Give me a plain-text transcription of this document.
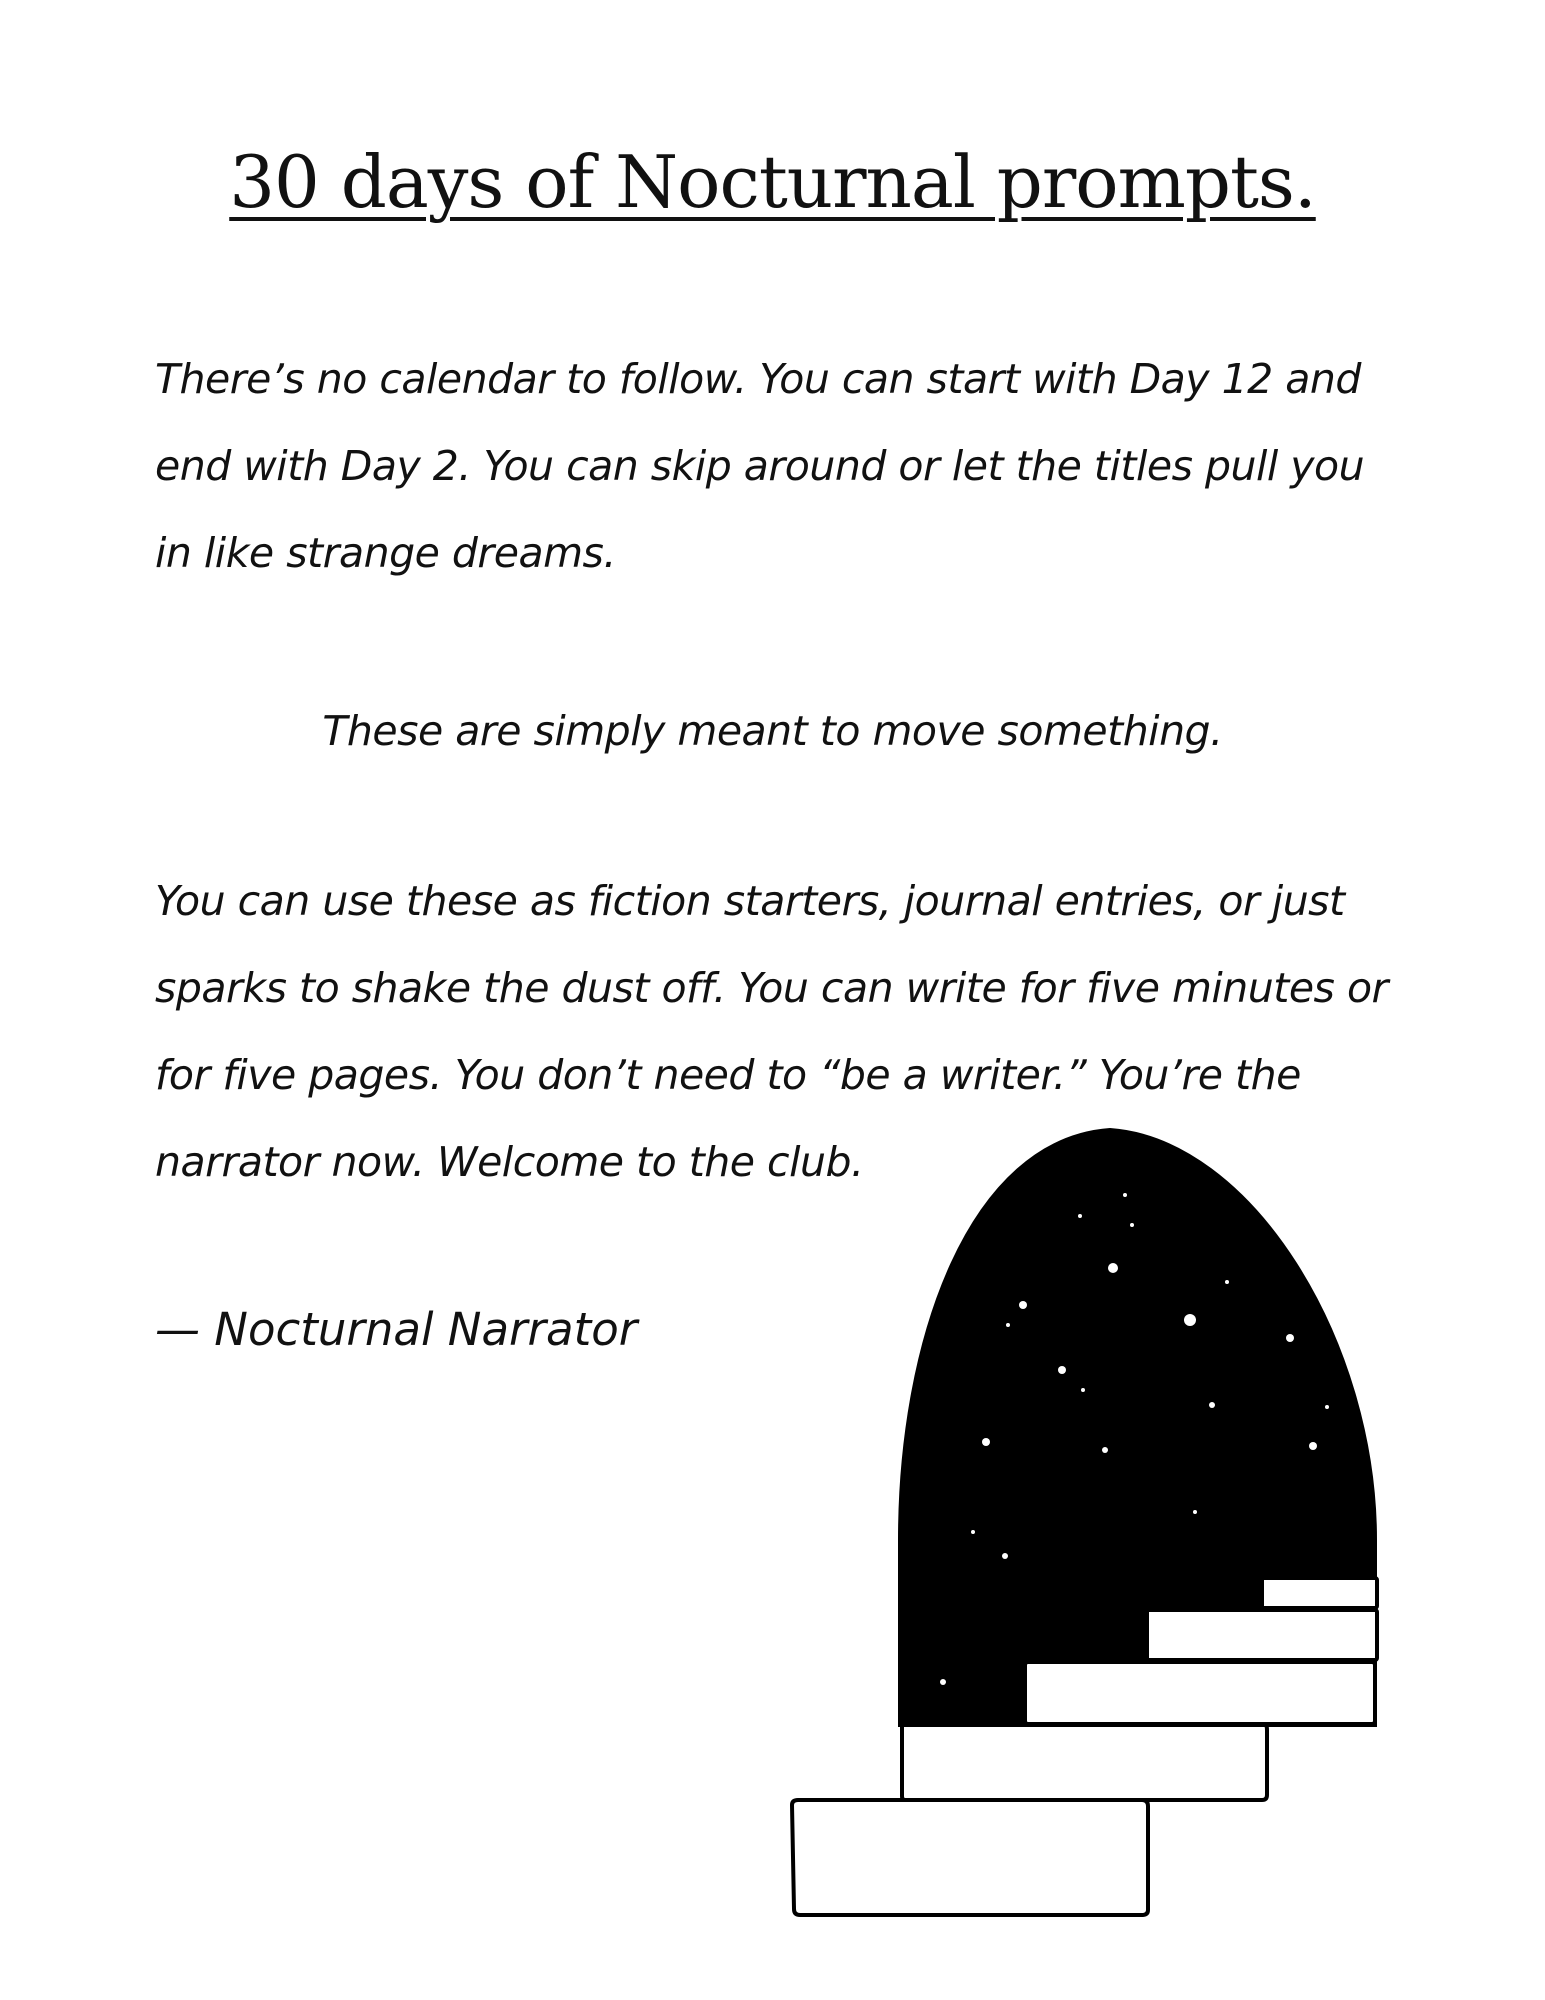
30 days of Nocturnal prompts.

There’s no calendar to follow. You can start with Day 12 and end with Day 2. You can skip around or let the titles pull you in like strange dreams.

These are simply meant to move something.

You can use these as fiction starters, journal entries, or just sparks to shake the dust off. You can write for five minutes or for five pages. You don’t need to “be a writer.” You’re the narrator now. Welcome to the club.

— Nocturnal Narrator
